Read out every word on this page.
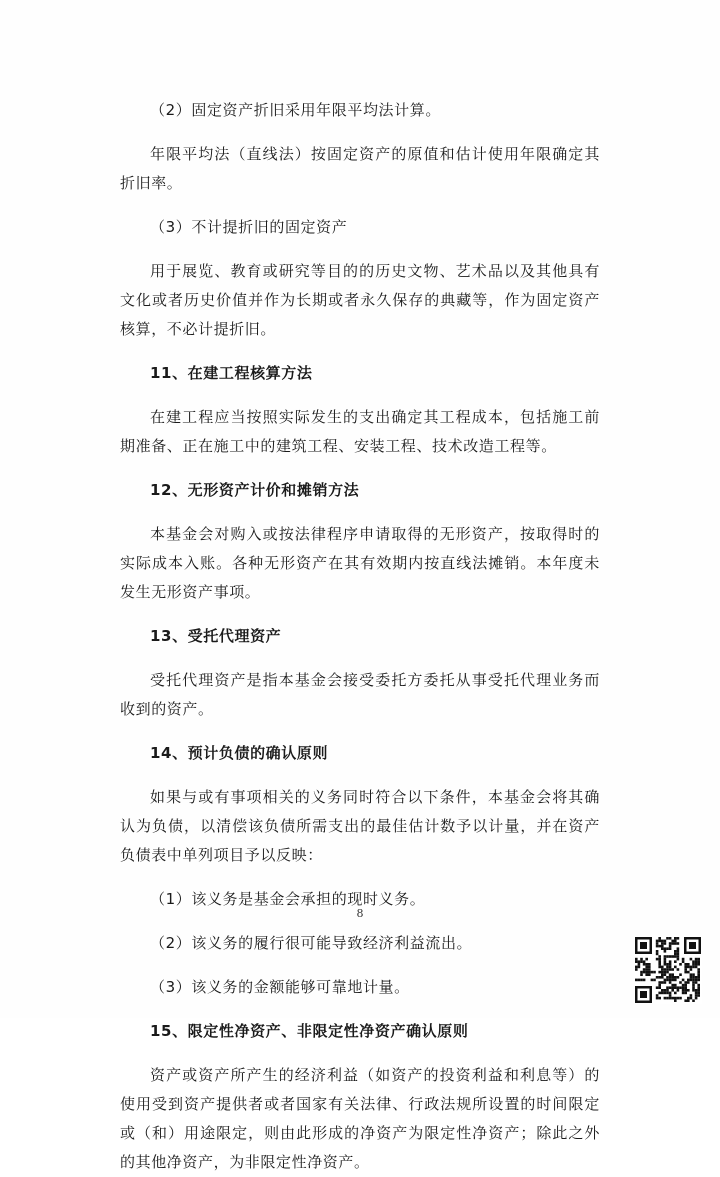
（2）固定资产折旧采用年限平均法计算。

年限平均法（直线法）按固定资产的原值和估计使用年限确定其折旧率。

（3）不计提折旧的固定资产

用于展览、教育或研究等目的的历史文物、艺术品以及其他具有文化或者历史价值并作为长期或者永久保存的典藏等，作为固定资产核算，不必计提折旧。

11、在建工程核算方法

在建工程应当按照实际发生的支出确定其工程成本，包括施工前期准备、正在施工中的建筑工程、安装工程、技术改造工程等。

12、无形资产计价和摊销方法

本基金会对购入或按法律程序申请取得的无形资产，按取得时的实际成本入账。各种无形资产在其有效期内按直线法摊销。本年度未发生无形资产事项。

13、受托代理资产

受托代理资产是指本基金会接受委托方委托从事受托代理业务而收到的资产。

14、预计负债的确认原则

如果与或有事项相关的义务同时符合以下条件，本基金会将其确认为负债，以清偿该负债所需支出的最佳估计数予以计量，并在资产负债表中单列项目予以反映：

（1）该义务是基金会承担的现时义务。

（2）该义务的履行很可能导致经济利益流出。

（3）该义务的金额能够可靠地计量。

15、限定性净资产、非限定性净资产确认原则

资产或资产所产生的经济利益（如资产的投资利益和利息等）的使用受到资产提供者或者国家有关法律、行政法规所设置的时间限定或（和）用途限定，则由此形成的净资产为限定性净资产；除此之外的其他净资产，为非限定性净资产。

8
